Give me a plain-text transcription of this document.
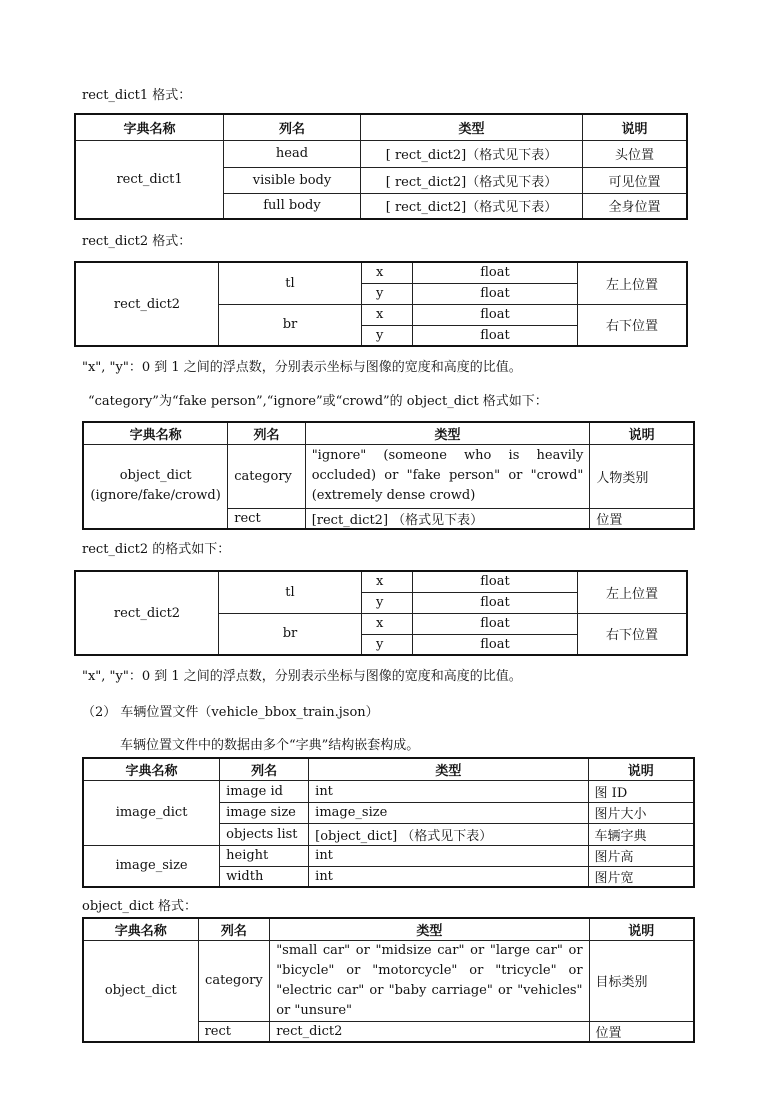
rect_dict1 格式：
字典名称	列名	类型	说明
rect_dict1	head	[ rect_dict2]（格式见下表）	头位置
	visible body	[ rect_dict2]（格式见下表）	可见位置
	full body	[ rect_dict2]（格式见下表）	全身位置
rect_dict2 格式：
rect_dict2	tl	x	float	左上位置
		y	float	
	br	x	float	右下位置
		y	float	
"x", "y"：0 到 1 之间的浮点数，分别表示坐标与图像的宽度和高度的比值。
“category”为“fake person”,“ignore”或“crowd”的 object_dict 格式如下：
字典名称	列名	类型	说明

object_dict
(ignore/fake/crowd)	category	"ignore" (someone who is heavily occluded) or "fake person" or "crowd" (extremely dense crowd)	人物类别
	rect	[rect_dict2] （格式见下表）	位置
rect_dict2 的格式如下：
rect_dict2	tl	x	float	左上位置
		y	float	
	br	x	float	右下位置
		y	float	
"x", "y"：0 到 1 之间的浮点数，分别表示坐标与图像的宽度和高度的比值。
（2） 车辆位置文件（vehicle_bbox_train.json）
车辆位置文件中的数据由多个“字典”结构嵌套构成。
字典名称	列名	类型	说明
image_dict	image id	int	图 ID
	image size	image_size	图片大小
	objects list	[object_dict] （格式见下表）	车辆字典
image_size	height	int	图片高
	width	int	图片宽
object_dict 格式：
字典名称	列名	类型	说明
object_dict	category	"small car" or "midsize car" or "large car" or "bicycle" or "motorcycle" or "tricycle" or "electric car" or "baby carriage" or "vehicles" or "unsure"	目标类别
	rect	rect_dict2	位置
